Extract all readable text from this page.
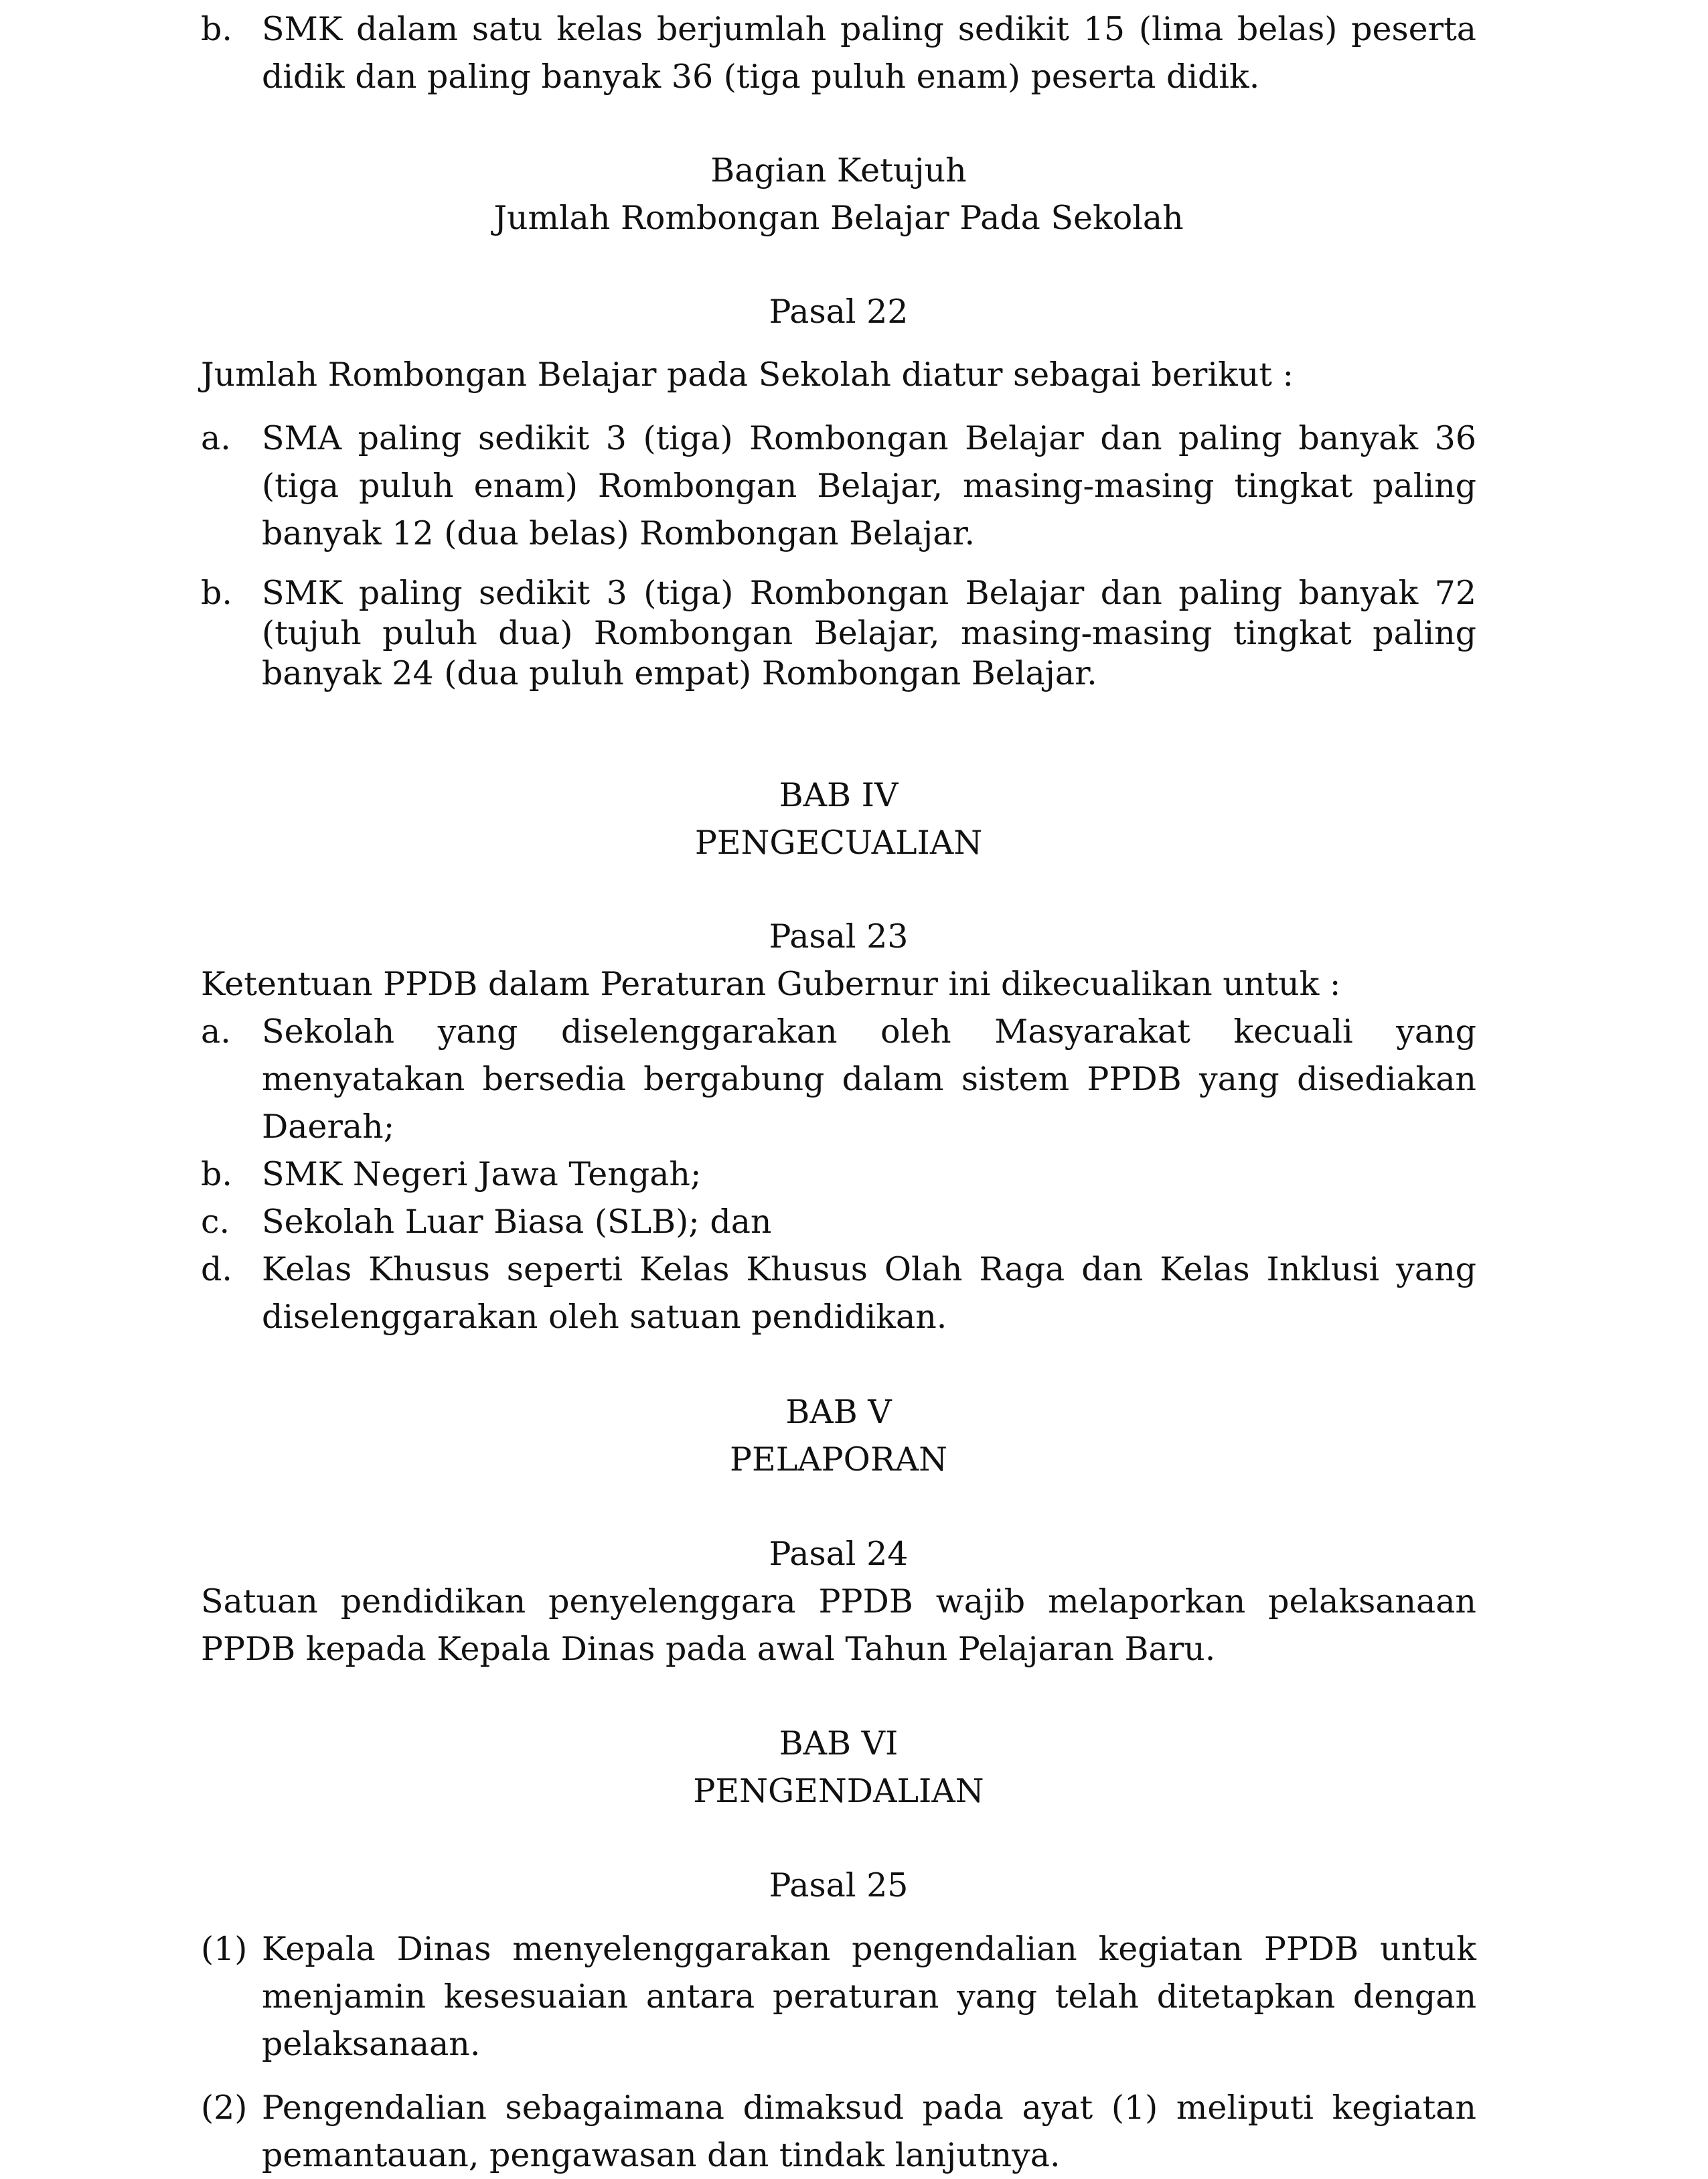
b. SMK dalam satu kelas berjumlah paling sedikit 15 (lima belas) peserta didik dan paling banyak 36 (tiga puluh enam) peserta didik.
Bagian Ketujuh
Jumlah Rombongan Belajar Pada Sekolah
Pasal 22
Jumlah Rombongan Belajar pada Sekolah diatur sebagai berikut :
a. SMA paling sedikit 3 (tiga) Rombongan Belajar dan paling banyak 36 (tiga puluh enam) Rombongan Belajar, masing-masing tingkat paling banyak 12 (dua belas) Rombongan Belajar.
b. SMK paling sedikit 3 (tiga) Rombongan Belajar dan paling banyak 72 (tujuh puluh dua) Rombongan Belajar, masing-masing tingkat paling banyak 24 (dua puluh empat) Rombongan Belajar.
BAB IV
PENGECUALIAN
Pasal 23
Ketentuan PPDB dalam Peraturan Gubernur ini dikecualikan untuk :
a. Sekolah yang diselenggarakan oleh Masyarakat kecuali yang menyatakan bersedia bergabung dalam sistem PPDB yang disediakan Daerah;
b. SMK Negeri Jawa Tengah;
c. Sekolah Luar Biasa (SLB); dan
d. Kelas Khusus seperti Kelas Khusus Olah Raga dan Kelas Inklusi yang diselenggarakan oleh satuan pendidikan.
BAB V
PELAPORAN
Pasal 24
Satuan pendidikan penyelenggara PPDB wajib melaporkan pelaksanaan PPDB kepada Kepala Dinas pada awal Tahun Pelajaran Baru.
BAB VI
PENGENDALIAN
Pasal 25
(1) Kepala Dinas menyelenggarakan pengendalian kegiatan PPDB untuk menjamin kesesuaian antara peraturan yang telah ditetapkan dengan pelaksanaan.
(2) Pengendalian sebagaimana dimaksud pada ayat (1) meliputi kegiatan pemantauan, pengawasan dan tindak lanjutnya.
